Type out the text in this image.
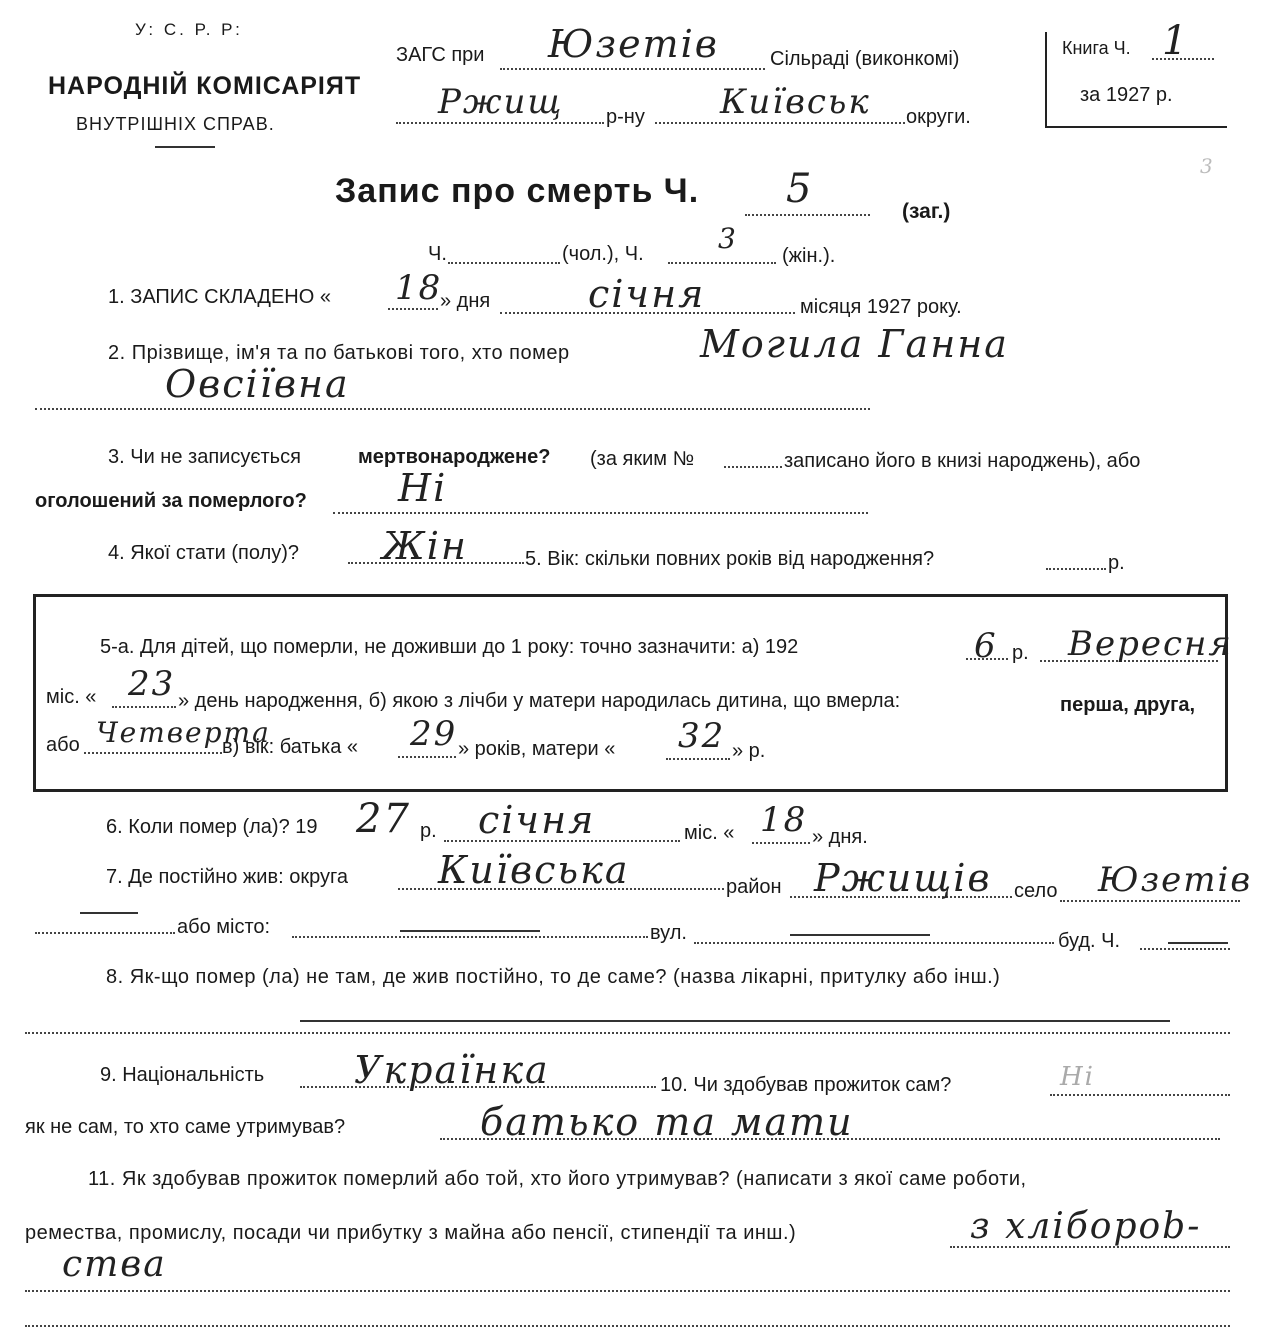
У: С. Р. Р:
НАРОДНІЙ КОМІСАРІЯТ
ВНУТРІШНІХ СПРАВ.
ЗАГС при Юзетів	Сільраді (виконкомі)
Ржищ р-ну Київськ округи.
Книга Ч. 1
за 1927 р.
3
Запис про смерть Ч. 5	(заг.)
Ч.	(чол.), Ч.	3
(жін.).
1. ЗАПИС СКЛАДЕНО « 18
» дня	січня	місяця 1927 року.
2. Прізвище, ім'я та по батькові того, хто помер	Могила Ганна
Овсіївна
3. Чи не записується	мертвонароджене? (за яким №	записано його в книзі народжень), або
оголошений за померлого? Ні
4. Якої стати (полу)? Жін	5. Вік: скільки повних років від народження?	р.
5-а. Для дітей, що померли, не доживши до 1 року: точно зазначити: а) 192	6 р. Вересня
міс. « 23 » день народження, б) якою з лічби у матери народилась дитина, що вмерла:	перша, друга,
або Четверта
в) вік: батька « 29 » років, матери « 32 » р.
6. Коли помер (ла)? 19 27 р. січня	міс. « 18 » дня.
7. Де постійно жив: округа Київська	район Ржищів село Юзетів
або місто:	вул.	буд. Ч.
8. Як-що помер (ла) не там, де жив постійно, то де саме? (назва лікарні, притулку або інш.)
9. Національність Українка	10. Чи здобував прожиток сам?	Ні
як не сам, то хто саме утримував?	батько та мати
11. Як здобував прожиток померлий або той, хто його утримував? (написати з якої саме роботи,
ремества, промислу, посади чи прибутку з майна або пенсії, стипендії та инш.)	з хліборob-
ства
